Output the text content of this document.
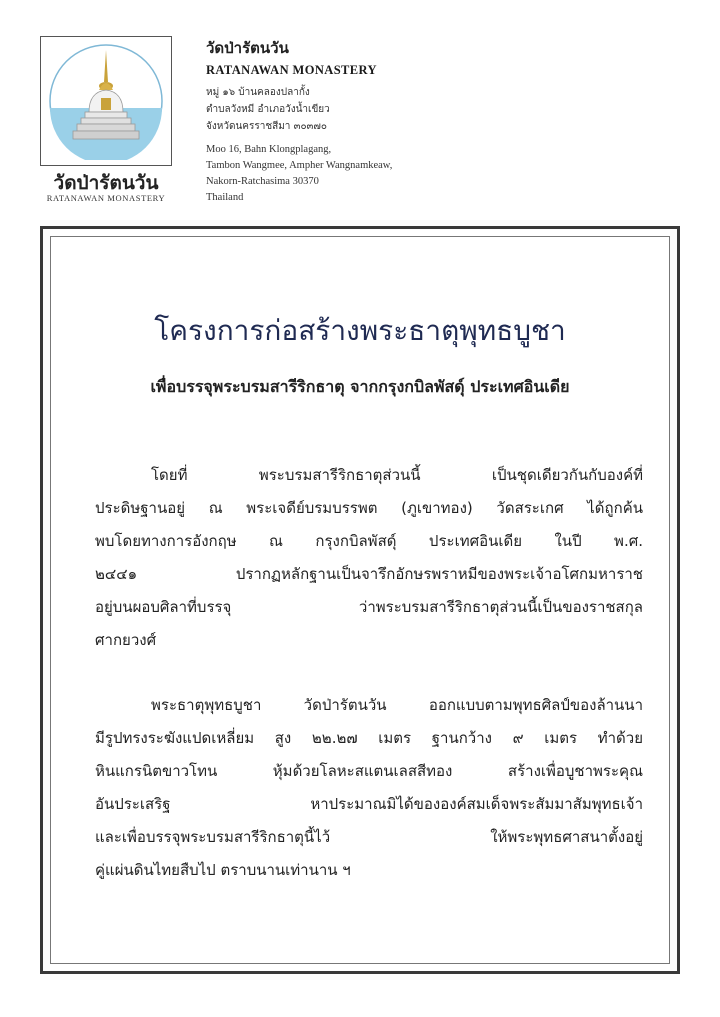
วัดป่ารัตนวัน
RATANAWAN MONASTERY
วัดป่ารัตนวัน
RATANAWAN MONASTERY
หมู่ ๑๖ บ้านคลองปลากั้ง
ตำบลวังหมี อำเภอวังน้ำเขียว
จังหวัดนครราชสีมา ๓๐๓๗๐
Moo 16, Bahn Klongplagang,
Tambon Wangmee, Ampher Wangnamkeaw,
Nakorn-Ratchasima 30370
Thailand
โครงการก่อสร้างพระธาตุพุทธบูชา
เพื่อบรรจุพระบรมสารีริกธาตุ จากกรุงกบิลพัสดุ์ ประเทศอินเดีย
โดยที่ พระบรมสารีริกธาตุส่วนนี้ เป็นชุดเดียวกันกับองค์ที่
ประดิษฐานอยู่ ณ พระเจดีย์บรมบรรพต (ภูเขาทอง) วัดสระเกศ ได้ถูกค้น
พบโดยทางการอังกฤษ ณ กรุงกบิลพัสดุ์ ประเทศอินเดีย ในปี พ.ศ.
๒๔๔๑ ปรากฏหลักฐานเป็นจารึกอักษรพราหมีของพระเจ้าอโศกมหาราช
อยู่บนผอบศิลาที่บรรจุ ว่าพระบรมสารีริกธาตุส่วนนี้เป็นของราชสกุล
ศากยวงศ์
พระธาตุพุทธบูชา วัดป่ารัตนวัน ออกแบบตามพุทธศิลป์ของล้านนา
มีรูปทรงระฆังแปดเหลี่ยม สูง ๒๒.๒๗ เมตร ฐานกว้าง ๙ เมตร ทำด้วย
หินแกรนิตขาวโทน หุ้มด้วยโลหะสแตนเลสสีทอง สร้างเพื่อบูชาพระคุณ
อันประเสริฐ หาประมาณมิได้ขององค์สมเด็จพระสัมมาสัมพุทธเจ้า
และเพื่อบรรจุพระบรมสารีริกธาตุนี้ไว้ ให้พระพุทธศาสนาตั้งอยู่
คู่แผ่นดินไทยสืบไป ตราบนานเท่านาน ฯ
